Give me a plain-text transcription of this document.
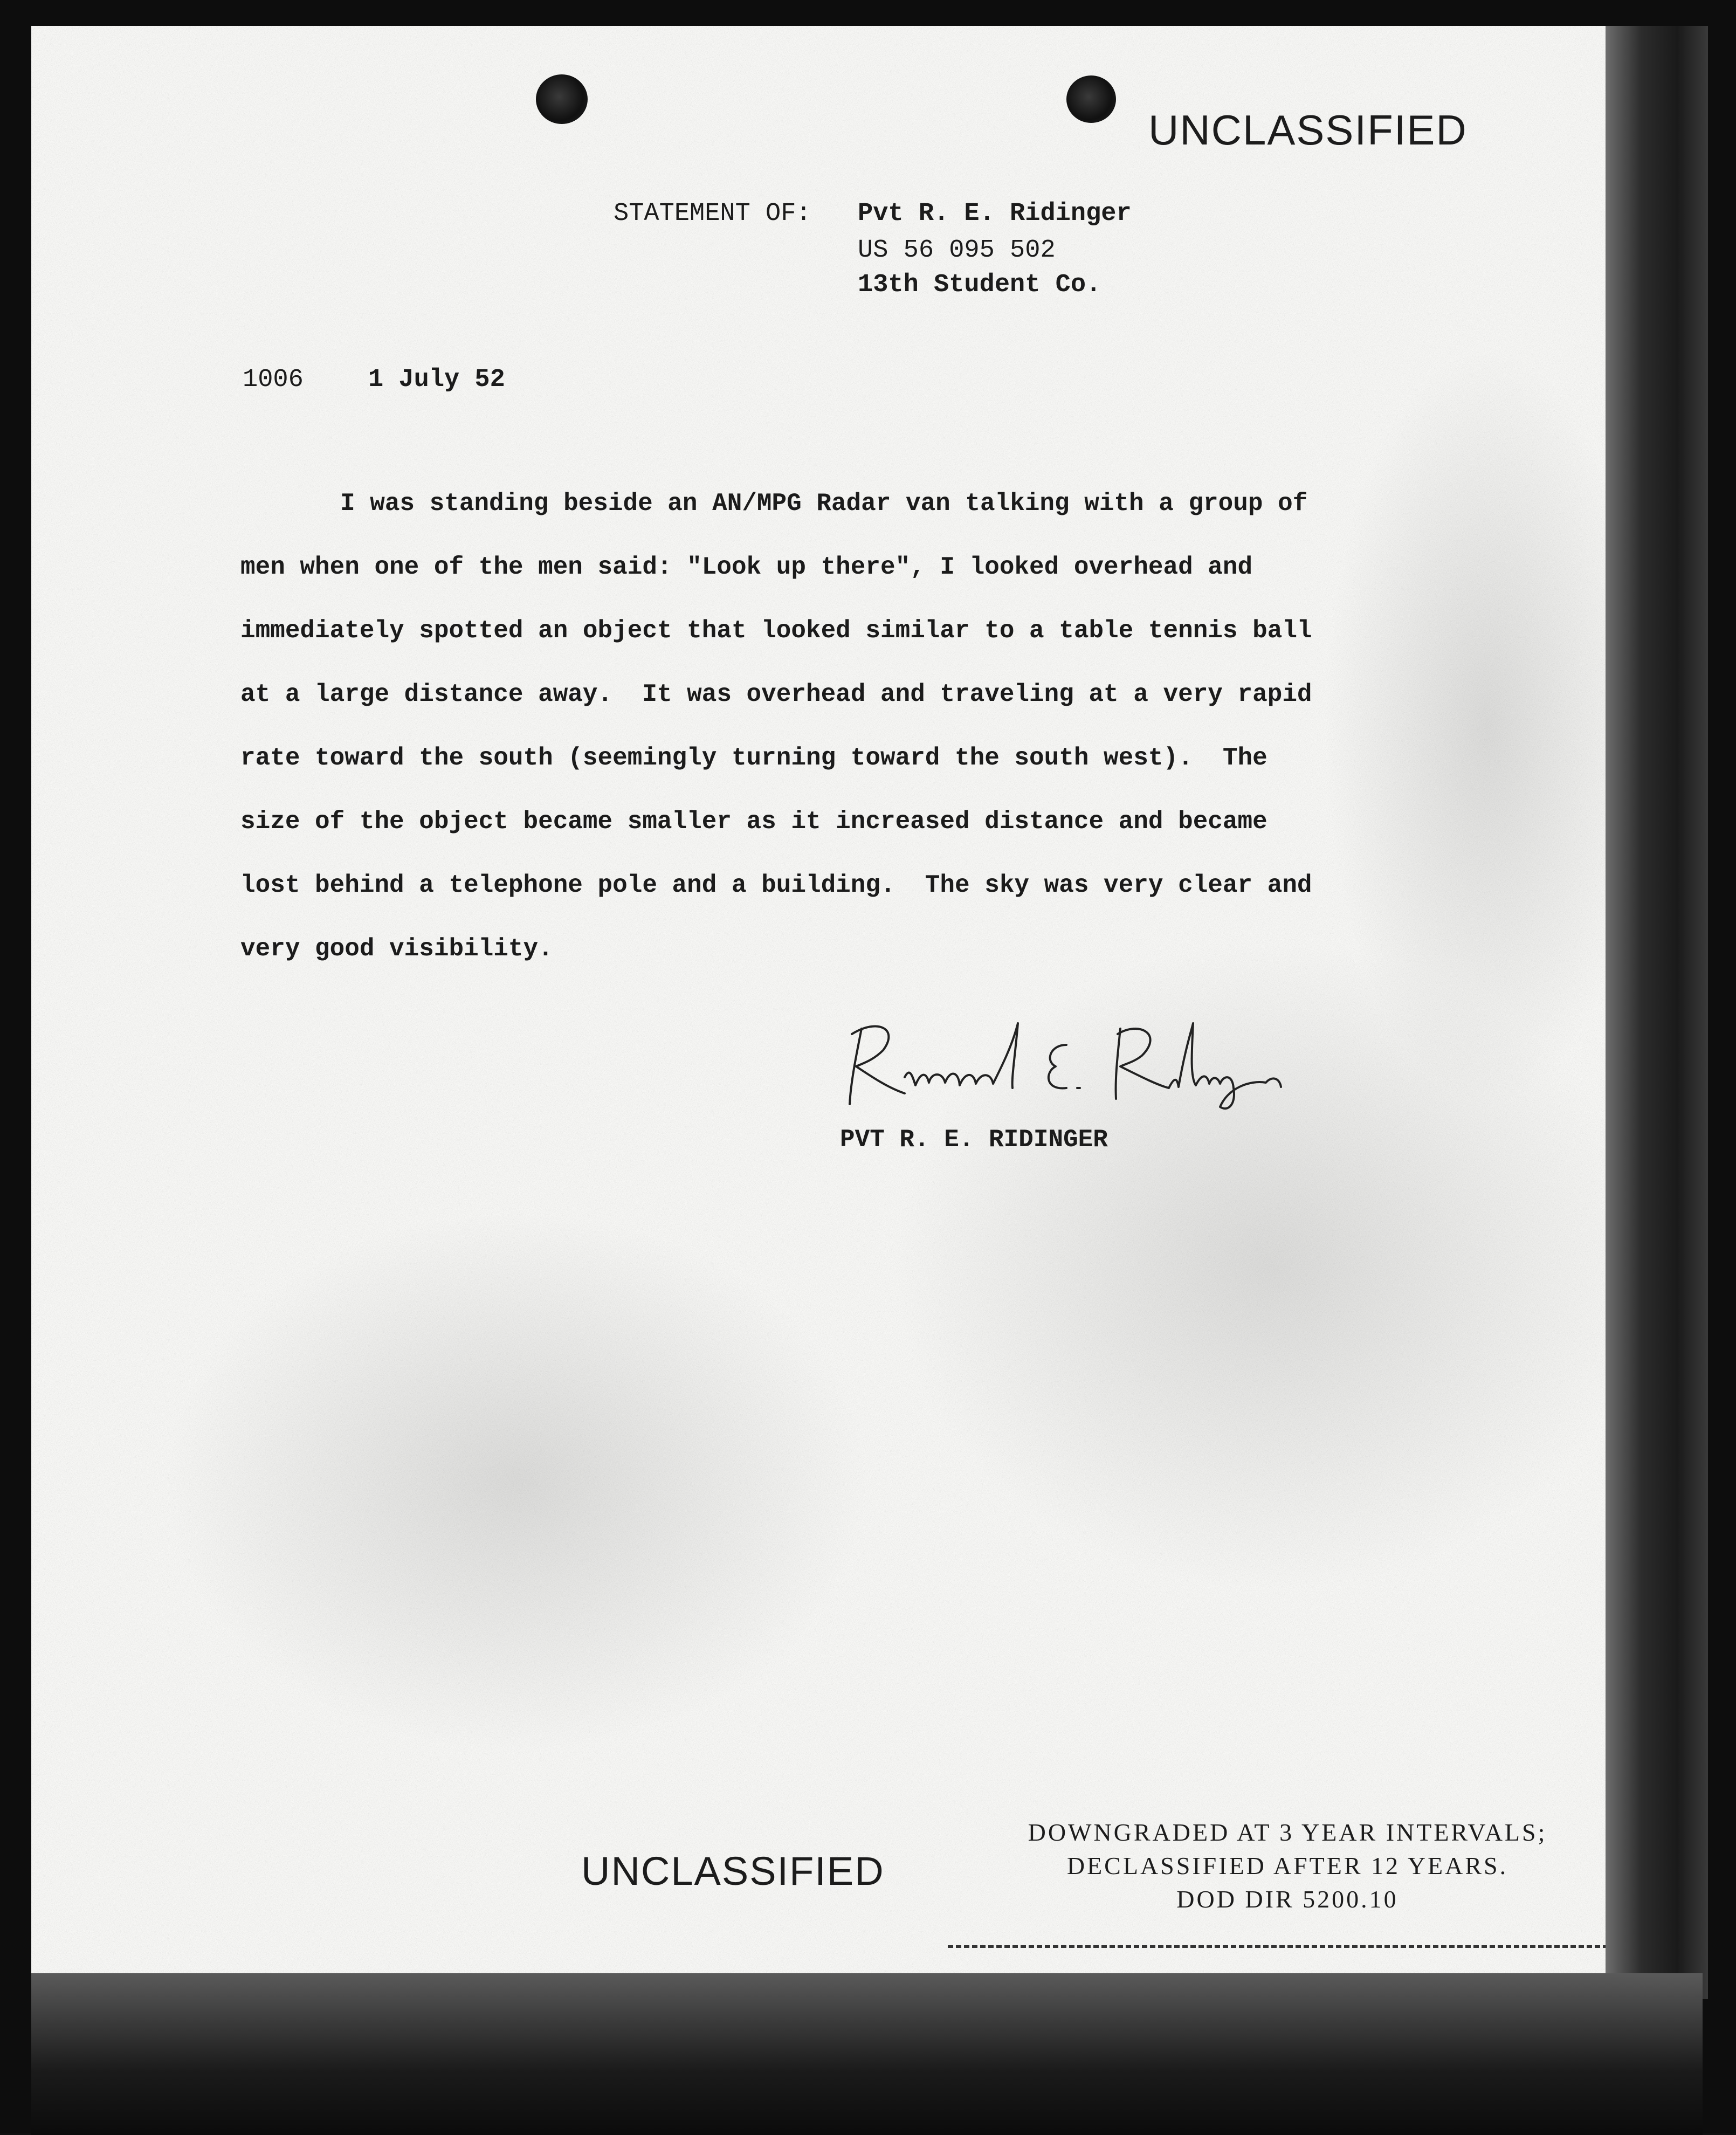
UNCLASSIFIED
STATEMENT OF: Pvt R. E. Ridinger
US 56 095 502
13th Student Co.
1006	1 July 52
I was standing beside an AN/MPG Radar van talking with a group of
men when one of the men said: "Look up there", I looked overhead and
immediately spotted an object that looked similar to a table tennis ball
at a large distance away.  It was overhead and traveling at a very rapid
rate toward the south (seemingly turning toward the south west).  The
size of the object became smaller as it increased distance and became
lost behind a telephone pole and a building.  The sky was very clear and
very good visibility.
PVT R. E. RIDINGER
UNCLASSIFIED
DOWNGRADED AT 3 YEAR INTERVALS;
DECLASSIFIED AFTER 12 YEARS.
DOD DIR 5200.10
